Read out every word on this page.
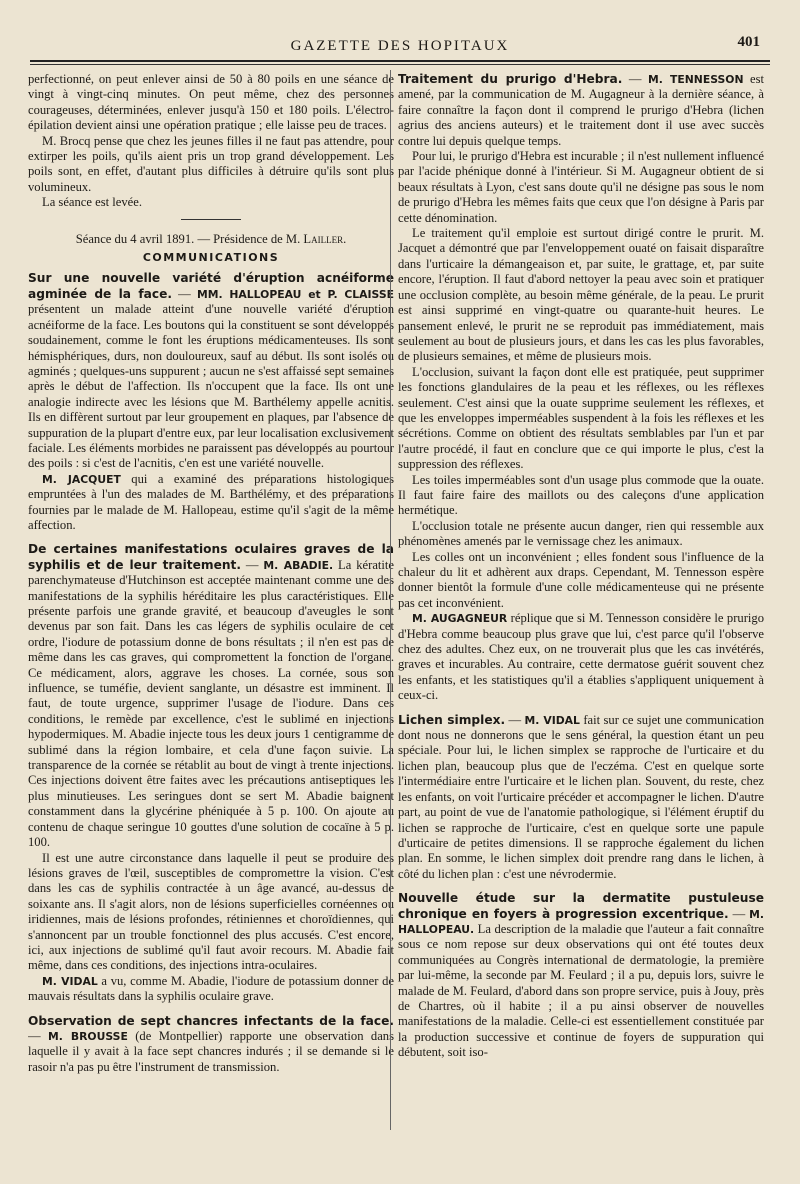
GAZETTE DES HOPITAUX	401

perfectionné, on peut enlever ainsi de 50 à 80 poils en une séance de vingt à vingt-cinq minutes. On peut même, chez des personnes courageuses, déterminées, enlever jusqu'à 150 et 180 poils. L'électro-épilation devient ainsi une opération pratique ; elle laisse peu de traces.

M. Brocq pense que chez les jeunes filles il ne faut pas attendre, pour extirper les poils, qu'ils aient pris un trop grand développement. Les poils sont, en effet, d'autant plus difficiles à détruire qu'ils sont plus volumineux.

La séance est levée.

Séance du 4 avril 1891. — Présidence de M. Lailler.

COMMUNICATIONS

Sur une nouvelle variété d'éruption acnéiforme agminée de la face. — MM. HALLOPEAU et P. CLAISSE présentent un malade atteint d'une nouvelle variété d'éruption acnéiforme de la face. Les boutons qui la constituent se sont développés soudainement, comme le font les éruptions médicamenteuses. Ils sont hémisphériques, durs, non douloureux, sauf au début. Ils sont isolés ou agminés ; quelques-uns suppurent ; aucun ne s'est affaissé sept semaines après le début de l'affection. Ils n'occupent que la face. Ils ont une analogie indirecte avec les lésions que M. Barthélemy appelle acnitis. Ils en diffèrent surtout par leur groupement en plaques, par l'absence de suppuration de la plupart d'entre eux, par leur localisation exclusivement faciale. Les éléments morbides ne paraissent pas développés au pourtour des poils : si c'est de l'acnitis, c'en est une variété nouvelle.

M. JACQUET qui a examiné des préparations histologiques empruntées à l'un des malades de M. Barthélémy, et des préparations fournies par le malade de M. Hallopeau, estime qu'il s'agit de la même affection.

De certaines manifestations oculaires graves de la syphilis et de leur traitement. — M. ABADIE. La kératite parenchymateuse d'Hutchinson est acceptée maintenant comme une des manifestations de la syphilis héréditaire les plus caractéristiques. Elle présente parfois une grande gravité, et beaucoup d'aveugles le sont devenus par son fait. Dans les cas légers de syphilis oculaire de cet ordre, l'iodure de potassium donne de bons résultats ; il n'en est pas de même dans les cas graves, qui compromettent la fonction de l'organe. Ce médicament, alors, aggrave les choses. La cornée, sous son influence, se tuméfie, devient sanglante, un désastre est imminent. Il faut, de toute urgence, supprimer l'usage de l'iodure. Dans ces conditions, le remède par excellence, c'est le sublimé en injections hypodermiques. M. Abadie injecte tous les deux jours 1 centigramme de sublimé dans la région lombaire, et cela d'une façon suivie. La transparence de la cornée se rétablit au bout de vingt à trente injections. Ces injections doivent être faites avec les précautions antiseptiques les plus minutieuses. Les seringues dont se sert M. Abadie baignent constamment dans la glycérine phéniquée à 5 p. 100. On ajoute au contenu de chaque seringue 10 gouttes d'une solution de cocaïne à 5 p. 100.

Il est une autre circonstance dans laquelle il peut se produire des lésions graves de l'œil, susceptibles de compromettre la vision. C'est dans les cas de syphilis contractée à un âge avancé, au-dessus de soixante ans. Il s'agit alors, non de lésions superficielles cornéennes ou iridiennes, mais de lésions profondes, rétiniennes et choroïdiennes, qui s'annoncent par un trouble fonctionnel des plus accusés. C'est encore, ici, aux injections de sublimé qu'il faut avoir recours. M. Abadie fait même, dans ces conditions, des injections intra-oculaires.

M. VIDAL a vu, comme M. Abadie, l'iodure de potassium donner de mauvais résultats dans la syphilis oculaire grave.

Observation de sept chancres infectants de la face. — M. BROUSSE (de Montpellier) rapporte une observation dans laquelle il y avait à la face sept chancres indurés ; il se demande si le rasoir n'a pas pu être l'instrument de transmission.

Traitement du prurigo d'Hebra. — M. TENNESSON est amené, par la communication de M. Augagneur à la dernière séance, à faire connaître la façon dont il comprend le prurigo d'Hebra (lichen agrius des anciens auteurs) et le traitement dont il use avec succès contre lui depuis quelque temps.

Pour lui, le prurigo d'Hebra est incurable ; il n'est nullement influencé par l'acide phénique donné à l'intérieur. Si M. Augagneur obtient de si beaux résultats à Lyon, c'est sans doute qu'il ne désigne pas sous le nom de prurigo d'Hebra les mêmes faits que ceux que l'on désigne à Paris par cette dénomination.

Le traitement qu'il emploie est surtout dirigé contre le prurit. M. Jacquet a démontré que par l'enveloppement ouaté on faisait disparaître dans l'urticaire la démangeaison et, par suite, le grattage, et, par suite encore, l'éruption. Il faut d'abord nettoyer la peau avec soin et pratiquer une occlusion complète, au besoin même générale, de la peau. Le prurit est ainsi supprimé en vingt-quatre ou quarante-huit heures. Le pansement enlevé, le prurit ne se reproduit pas immédiatement, mais seulement au bout de plusieurs jours, et dans les cas les plus favorables, de plusieurs semaines, et même de plusieurs mois.

L'occlusion, suivant la façon dont elle est pratiquée, peut supprimer les fonctions glandulaires de la peau et les réflexes, ou les réflexes seulement. C'est ainsi que la ouate supprime seulement les réflexes, et que les enveloppes imperméables suspendent à la fois les réflexes et les sécrétions. Comme on obtient des résultats semblables par l'un et par l'autre procédé, il faut en conclure que ce qui importe le plus, c'est la suppression des réflexes.

Les toiles imperméables sont d'un usage plus commode que la ouate. Il faut faire faire des maillots ou des caleçons d'une application hermétique.

L'occlusion totale ne présente aucun danger, rien qui ressemble aux phénomènes amenés par le vernissage chez les animaux.

Les colles ont un inconvénient ; elles fondent sous l'influence de la chaleur du lit et adhèrent aux draps. Cependant, M. Tennesson espère donner bientôt la formule d'une colle médicamenteuse qui ne présente pas cet inconvénient.

M. AUGAGNEUR réplique que si M. Tennesson considère le prurigo d'Hebra comme beaucoup plus grave que lui, c'est parce qu'il l'observe chez des adultes. Chez eux, on ne trouverait plus que les cas invétérés, graves et incurables. Au contraire, cette dermatose guérit souvent chez les enfants, et les statistiques qu'il a établies s'appliquent uniquement à ceux-ci.

Lichen simplex. — M. VIDAL fait sur ce sujet une communication dont nous ne donnerons que le sens général, la question étant un peu spéciale. Pour lui, le lichen simplex se rapproche de l'urticaire et du lichen plan, beaucoup plus que de l'eczéma. C'est en quelque sorte l'intermédiaire entre l'urticaire et le lichen plan. Souvent, du reste, chez les enfants, on voit l'urticaire précéder et accompagner le lichen. D'autre part, au point de vue de l'anatomie pathologique, si l'élément éruptif du lichen se rapproche de l'urticaire, c'est en quelque sorte une papule d'urticaire de petites dimensions. Il se rapproche également du lichen plan. En somme, le lichen simplex doit prendre rang dans le lichen, à côté du lichen plan : c'est une névrodermie.

Nouvelle étude sur la dermatite pustuleuse chronique en foyers à progression excentrique. — M. HALLOPEAU. La description de la maladie que l'auteur a fait connaître sous ce nom repose sur deux observations qui ont été toutes deux communiquées au Congrès international de dermatologie, la première par lui-même, la seconde par M. Feulard ; il a pu, depuis lors, suivre le malade de M. Feulard, d'abord dans son propre service, puis à Jouy, près de Chartres, où il habite ; il a pu ainsi observer de nouvelles manifestations de la maladie. Celle-ci est essentiellement constituée par la production successive et continue de foyers de suppuration qui débutent, soit iso-
